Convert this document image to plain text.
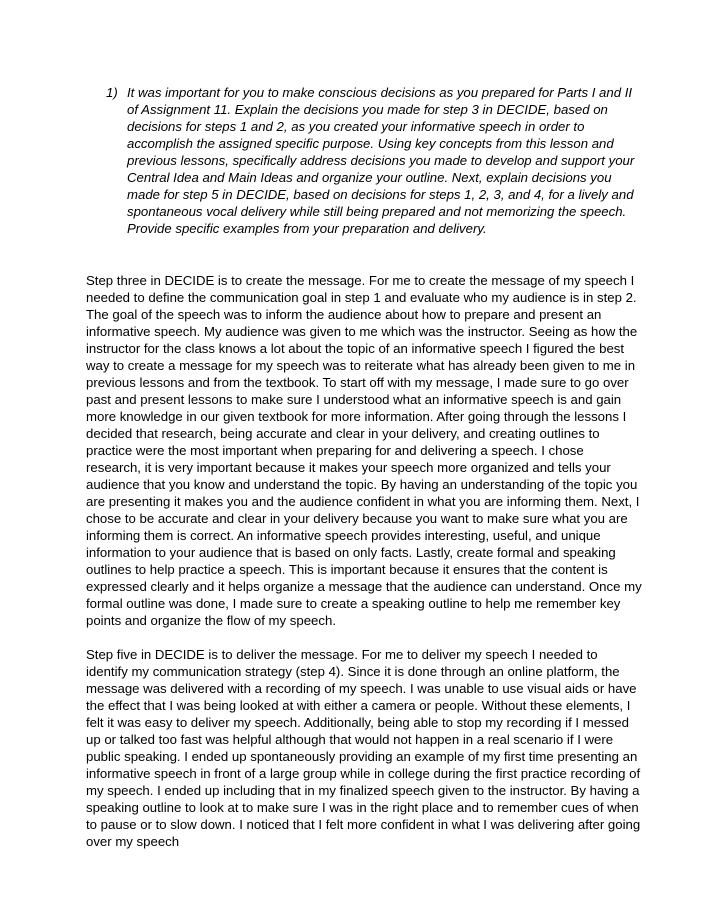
1) It was important for you to make conscious decisions as you prepared for Parts I and II of Assignment 11. Explain the decisions you made for step 3 in DECIDE, based on decisions for steps 1 and 2, as you created your informative speech in order to accomplish the assigned specific purpose. Using key concepts from this lesson and previous lessons, specifically address decisions you made to develop and support your Central Idea and Main Ideas and organize your outline. Next, explain decisions you made for step 5 in DECIDE, based on decisions for steps 1, 2, 3, and 4, for a lively and spontaneous vocal delivery while still being prepared and not memorizing the speech. Provide specific examples from your preparation and delivery.

Step three in DECIDE is to create the message. For me to create the message of my speech I needed to define the communication goal in step 1 and evaluate who my audience is in step 2. The goal of the speech was to inform the audience about how to prepare and present an informative speech. My audience was given to me which was the instructor. Seeing as how the instructor for the class knows a lot about the topic of an informative speech I figured the best way to create a message for my speech was to reiterate what has already been given to me in previous lessons and from the textbook. To start off with my message, I made sure to go over past and present lessons to make sure I understood what an informative speech is and gain more knowledge in our given textbook for more information. After going through the lessons I decided that research, being accurate and clear in your delivery, and creating outlines to practice were the most important when preparing for and delivering a speech. I chose research, it is very important because it makes your speech more organized and tells your audience that you know and understand the topic. By having an understanding of the topic you are presenting it makes you and the audience confident in what you are informing them. Next, I chose to be accurate and clear in your delivery because you want to make sure what you are informing them is correct. An informative speech provides interesting, useful, and unique information to your audience that is based on only facts. Lastly, create formal and speaking outlines to help practice a speech. This is important because it ensures that the content is expressed clearly and it helps organize a message that the audience can understand. Once my formal outline was done, I made sure to create a speaking outline to help me remember key points and organize the flow of my speech.

Step five in DECIDE is to deliver the message. For me to deliver my speech I needed to identify my communication strategy (step 4). Since it is done through an online platform, the message was delivered with a recording of my speech. I was unable to use visual aids or have the effect that I was being looked at with either a camera or people. Without these elements, I felt it was easy to deliver my speech. Additionally, being able to stop my recording if I messed up or talked too fast was helpful although that would not happen in a real scenario if I were public speaking. I ended up spontaneously providing an example of my first time presenting an informative speech in front of a large group while in college during the first practice recording of my speech. I ended up including that in my finalized speech given to the instructor. By having a speaking outline to look at to make sure I was in the right place and to remember cues of when to pause or to slow down. I noticed that I felt more confident in what I was delivering after going over my speech
